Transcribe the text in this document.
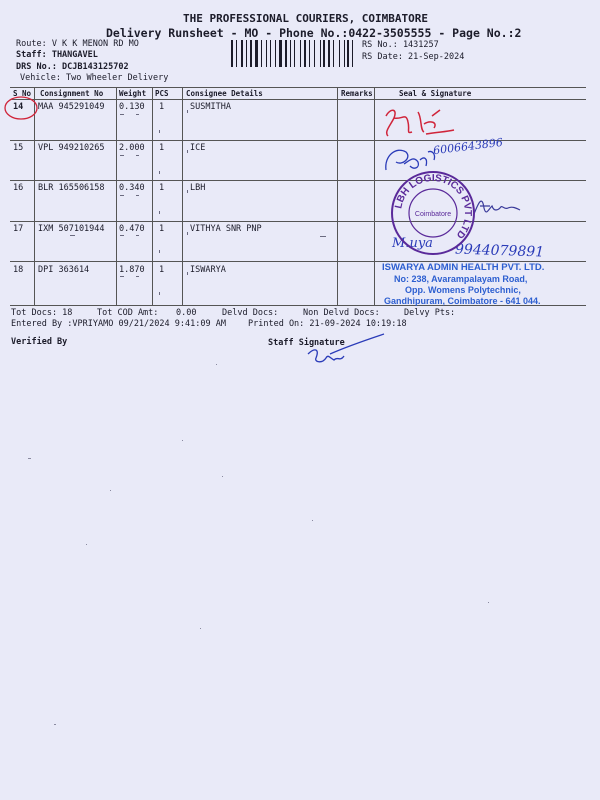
THE PROFESSIONAL COURIERS, COIMBATORE
Delivery Runsheet - MO - Phone No.:0422-3505555 - Page No.:2
Route: V K K MENON RD MO
Staff: THANGAVEL
DRS No.: DCJB143125702
Vehicle: Two Wheeler Delivery
RS No.: 1431257
RS Date: 21-Sep-2024
S No Consignment No Weight PCS Consignee Details	Remarks	Seal & Signature
14 MAA 945291049 0.130 1	SUSMITHA
15 VPL 949210265 2.000 1	ICE
16 BLR 165506158 0.340 1	LBH
17 IXM 507101944 0.470 1	VITHYA SNR PNP
18 DPI 363614	1.870 1	ISWARYA
6006643896
M.uya 9944079891
LBH LOGISTICS PVT LTD
Coimbatore
ISWARYA ADMIN HEALTH PVT. LTD.
No: 238, Avarampalayam Road,
Opp. Womens Polytechnic,
Gandhipuram, Coimbatore - 641 044.
Tot Docs: 18	Tot COD Amt: 0.00	Delvd Docs:	Non Delvd Docs:	Delvy Pts:
Entered By :VPRIYAMO 09/21/2024 9:41:09 AM	Printed On: 21-09-2024 10:19:18
Verified By	Staff Signature
